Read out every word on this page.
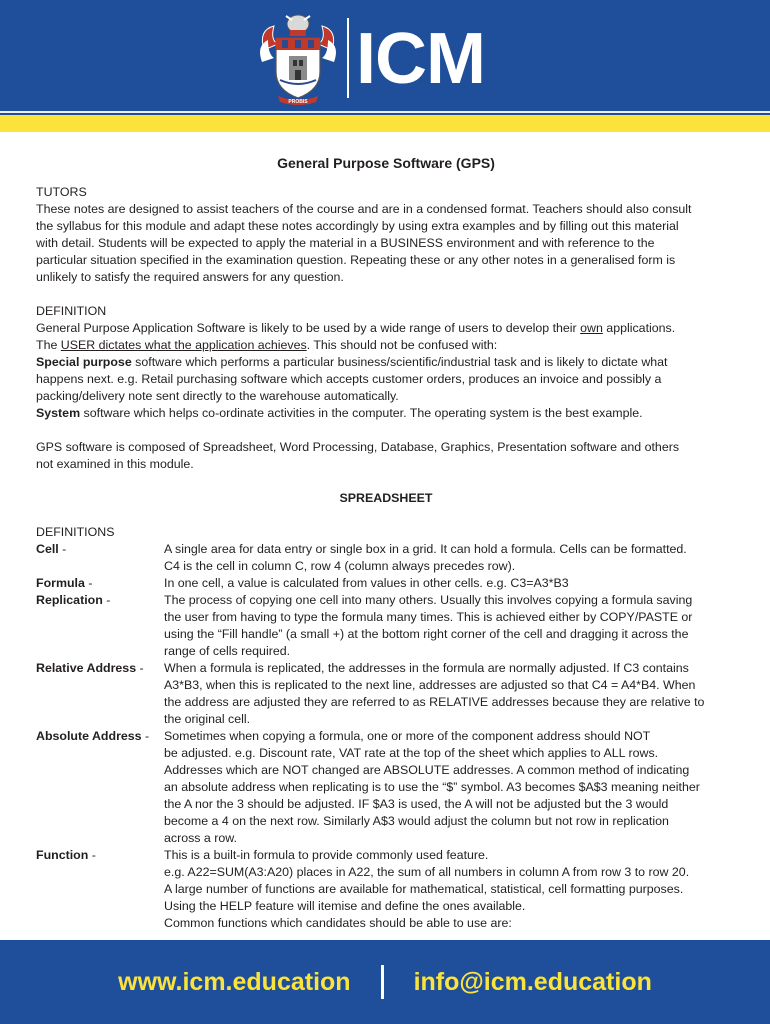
PROBIS
ICM
General Purpose Software (GPS)

TUTORS

These notes are designed to assist teachers of the course and are in a condensed format. Teachers should also consult

the syllabus for this module and adapt these notes accordingly by using extra examples and by filling out this material

with detail. Students will be expected to apply the material in a BUSINESS environment and with reference to the

particular situation specified in the examination question. Repeating these or any other notes in a generalised form is

unlikely to satisfy the required answers for any question.

DEFINITION

General Purpose Application Software is likely to be used by a wide range of users to develop their own applications.

The USER dictates what the application achieves. This should not be confused with:

Special purpose software which performs a particular business/scientific/industrial task and is likely to dictate what

happens next. e.g. Retail purchasing software which accepts customer orders, produces an invoice and possibly a

packing/delivery note sent directly to the warehouse automatically.

System software which helps co-ordinate activities in the computer. The operating system is the best example.

GPS software is composed of Spreadsheet, Word Processing, Database, Graphics, Presentation software and others

not examined in this module.

SPREADSHEET

DEFINITIONS

Cell -	A single area for data entry or single box in a grid. It can hold a formula. Cells can be formatted.
C4 is the cell in column C, row 4 (column always precedes row).
Formula -	In one cell, a value is calculated from values in other cells. e.g. C3=A3*B3
Replication -	The process of copying one cell into many others. Usually this involves copying a formula saving
the user from having to type the formula many times. This is achieved either by COPY/PASTE or
using the “Fill handle” (a small +) at the bottom right corner of the cell and dragging it across the
range of cells required.
Relative Address -	When a formula is replicated, the addresses in the formula are normally adjusted. If C3 contains
A3*B3, when this is replicated to the next line, addresses are adjusted so that C4 = A4*B4. When
the address are adjusted they are referred to as RELATIVE addresses because they are relative to
the original cell.
Absolute Address -	Sometimes when copying a formula, one or more of the component address should NOT
be adjusted. e.g. Discount rate, VAT rate at the top of the sheet which applies to ALL rows.
Addresses which are NOT changed are ABSOLUTE addresses. A common method of indicating
an absolute address when replicating is to use the “$” symbol. A3 becomes $A$3 meaning neither
the A nor the 3 should be adjusted. IF $A3 is used, the A will not be adjusted but the 3 would
become a 4 on the next row. Similarly A$3 would adjust the column but not row in replication
across a row.
Function -	This is a built-in formula to provide commonly used feature.
e.g. A22=SUM(A3:A20) places in A22, the sum of all numbers in column A from row 3 to row 20.
A large number of functions are available for mathematical, statistical, cell formatting purposes.
Using the HELP feature will itemise and define the ones available.
Common functions which candidates should be able to use are:
www.icm.education	info@icm.education
